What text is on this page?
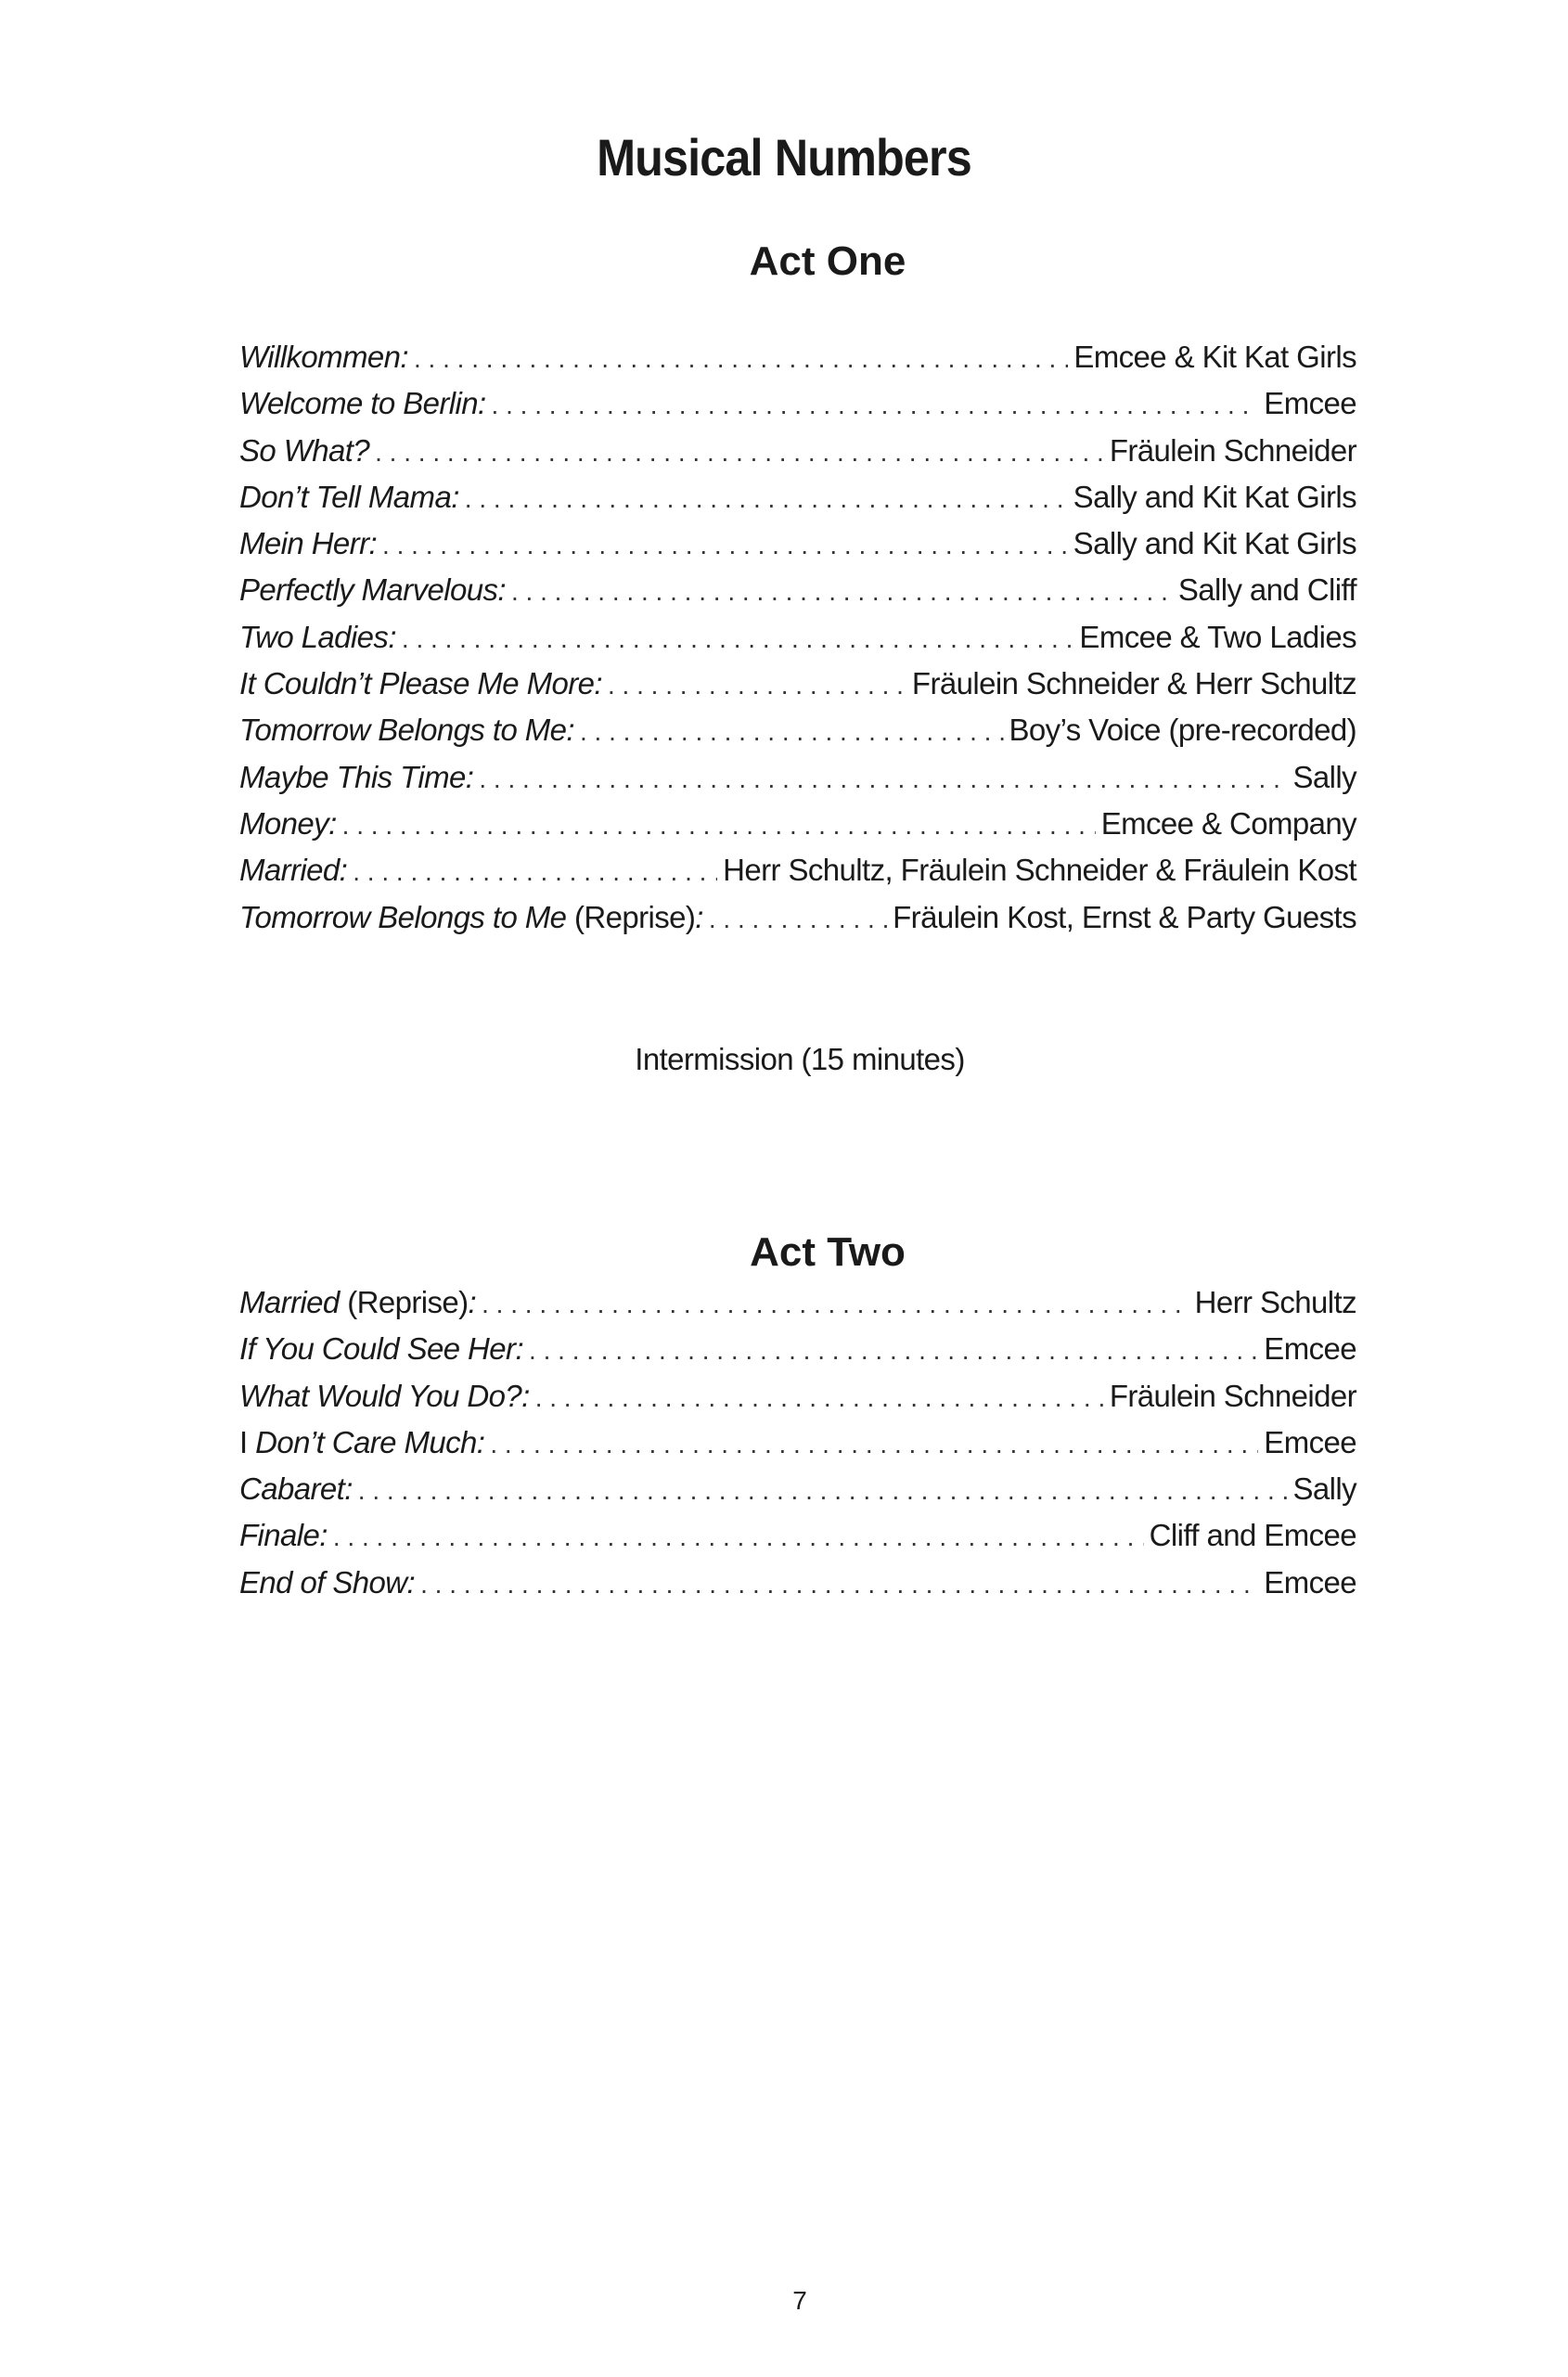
Musical Numbers
Act One
Willkommen: . . .	Emcee & Kit Kat Girls
Welcome to Berlin: . . .	Emcee
So What? . . .	Fräulein Schneider
Don’t Tell Mama: . . .	Sally and Kit Kat Girls
Mein Herr: . . .	Sally and Kit Kat Girls
Perfectly Marvelous: . . .	Sally and Cliff
Two Ladies: . . .	Emcee & Two Ladies
It Couldn’t Please Me More: . . .	Fräulein Schneider & Herr Schultz
Tomorrow Belongs to Me: . . .	Boy’s Voice (pre-recorded)
Maybe This Time: . . .	Sally
Money: . . .	Emcee & Company
Married: . . .	Herr Schultz, Fräulein Schneider & Fräulein Kost
Tomorrow Belongs to Me (Reprise): . . .	Fräulein Kost, Ernst & Party Guests
Intermission (15 minutes)
Act Two
Married (Reprise): . . .	Herr Schultz
If You Could See Her: . . .	Emcee
What Would You Do?: . . .	Fräulein Schneider
I Don’t Care Much: . . .	Emcee
Cabaret: . . .	Sally
Finale: . . .	Cliff and Emcee
End of Show: . . .	Emcee
7
